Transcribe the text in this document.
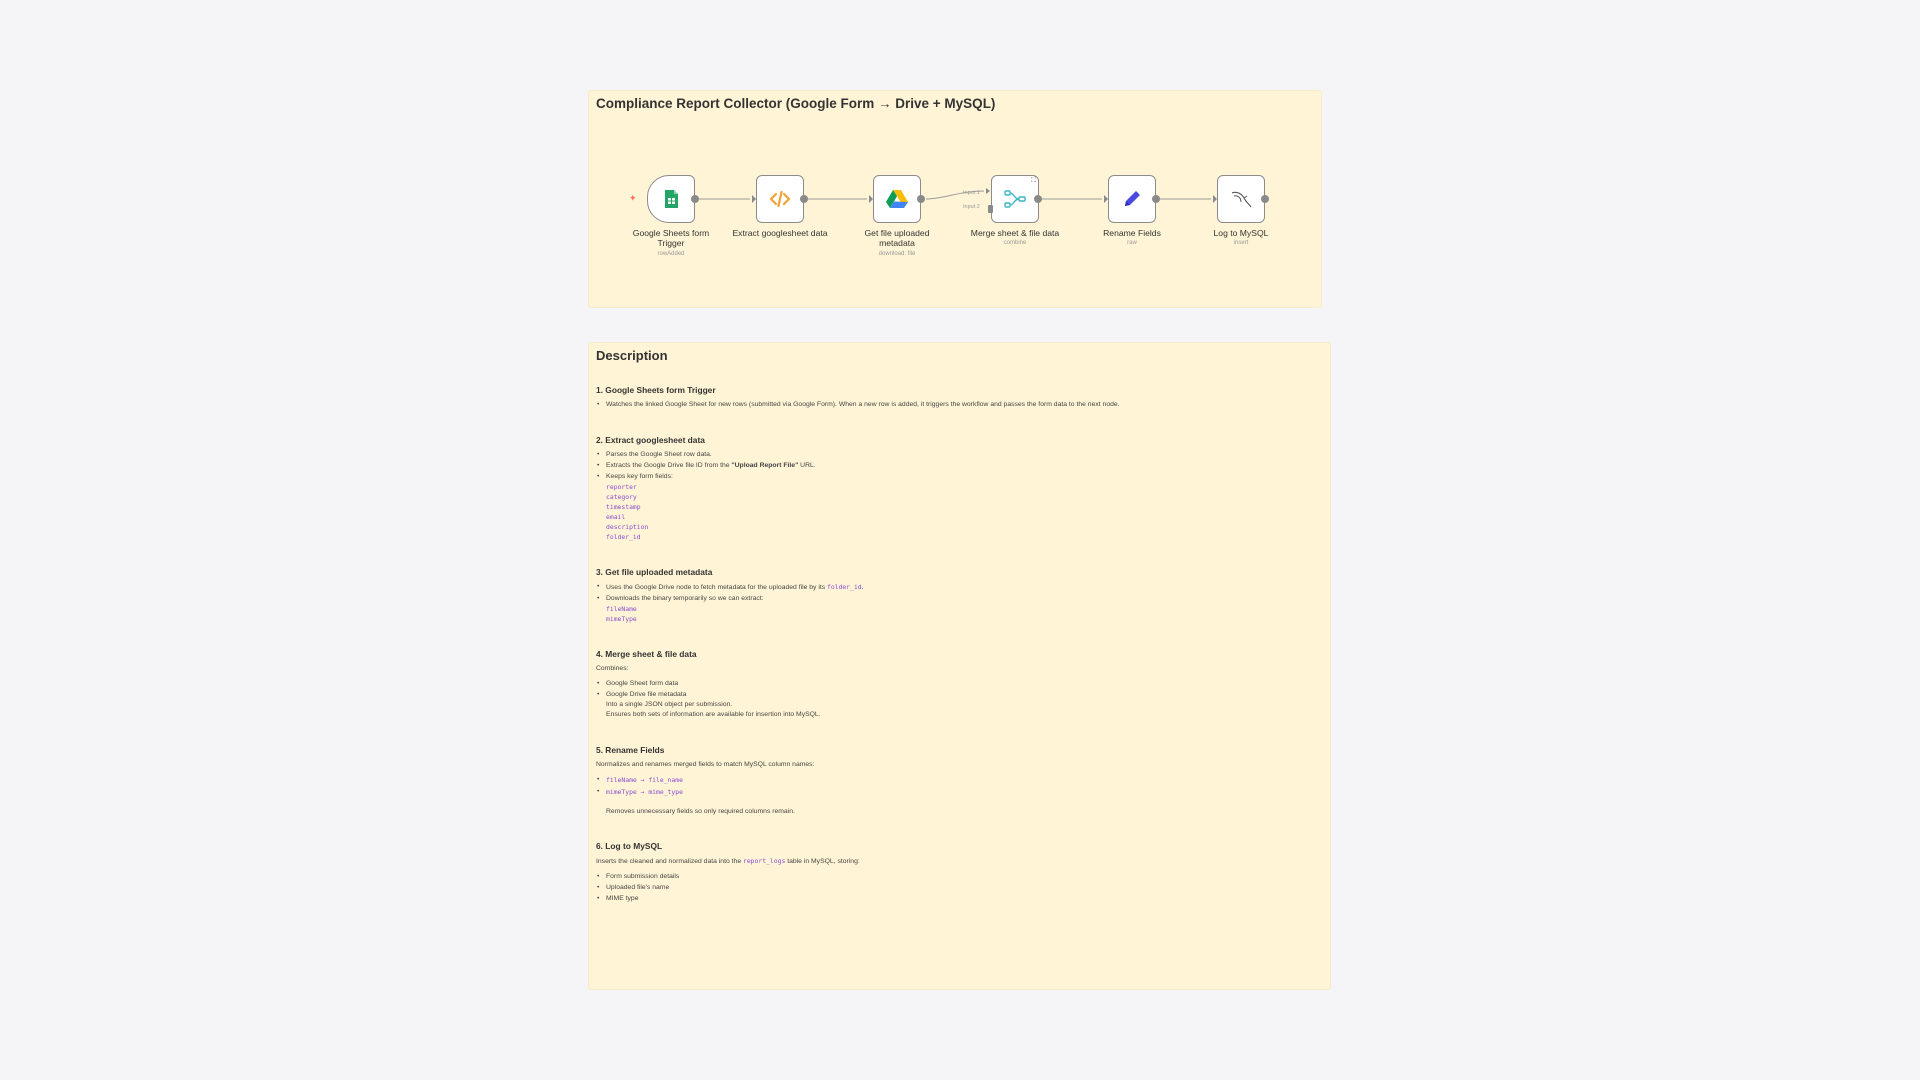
Compliance Report Collector (Google Form → Drive + MySQL)
✦
Google Sheets form Trigger
rowAdded
Extract googlesheet data	Get file uploaded metadata
download: file
⛶
Input 1
Input 2
Merge sheet & file data
combine
Rename Fields
raw
Log to MySQL
insert
Description
1. Google Sheets form Trigger
• Watches the linked Google Sheet for new rows (submitted via Google Form). When a new row is added, it triggers the workflow and passes the form data to the next node.
2. Extract googlesheet data
• Parses the Google Sheet row data.
• Extracts the Google Drive file ID from the "Upload Report File" URL.
• Keeps key form fields:
reporter
category
timestamp
email
description
folder_id
3. Get file uploaded metadata
• Uses the Google Drive node to fetch metadata for the uploaded file by its folder_id.
• Downloads the binary temporarily so we can extract:
fileName
mimeType
4. Merge sheet & file data
Combines:
• Google Sheet form data
• Google Drive file metadata
Into a single JSON object per submission.
Ensures both sets of information are available for insertion into MySQL.
5. Rename Fields
Normalizes and renames merged fields to match MySQL column names:
• fileName → file_name
• mimeType → mime_type
Removes unnecessary fields so only required columns remain.
6. Log to MySQL
Inserts the cleaned and normalized data into the report_logs table in MySQL, storing:
• Form submission details
• Uploaded file's name
• MIME type
